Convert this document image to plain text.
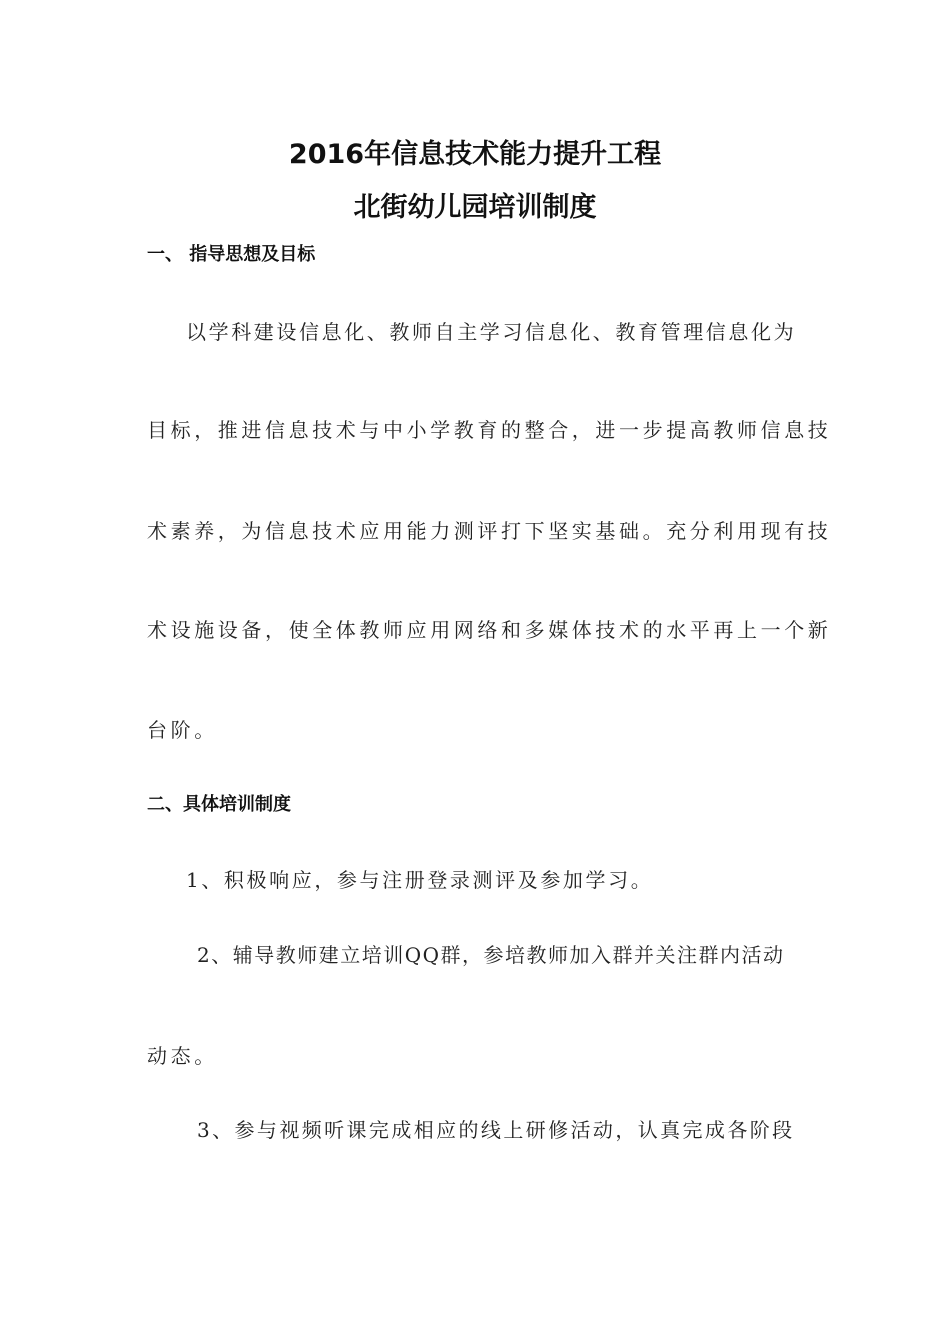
2016年信息技术能力提升工程
北街幼儿园培训制度
一、 指导思想及目标
以学科建设信息化、教师自主学习信息化、教育管理信息化为
目标，推进信息技术与中小学教育的整合，进一步提高教师信息技
术素养，为信息技术应用能力测评打下坚实基础。充分利用现有技
术设施设备，使全体教师应用网络和多媒体技术的水平再上一个新
台阶。
二、具体培训制度
1、积极响应，参与注册登录测评及参加学习。
2、辅导教师建立培训QQ群，参培教师加入群并关注群内活动
动态。
3、参与视频听课完成相应的线上研修活动，认真完成各阶段
